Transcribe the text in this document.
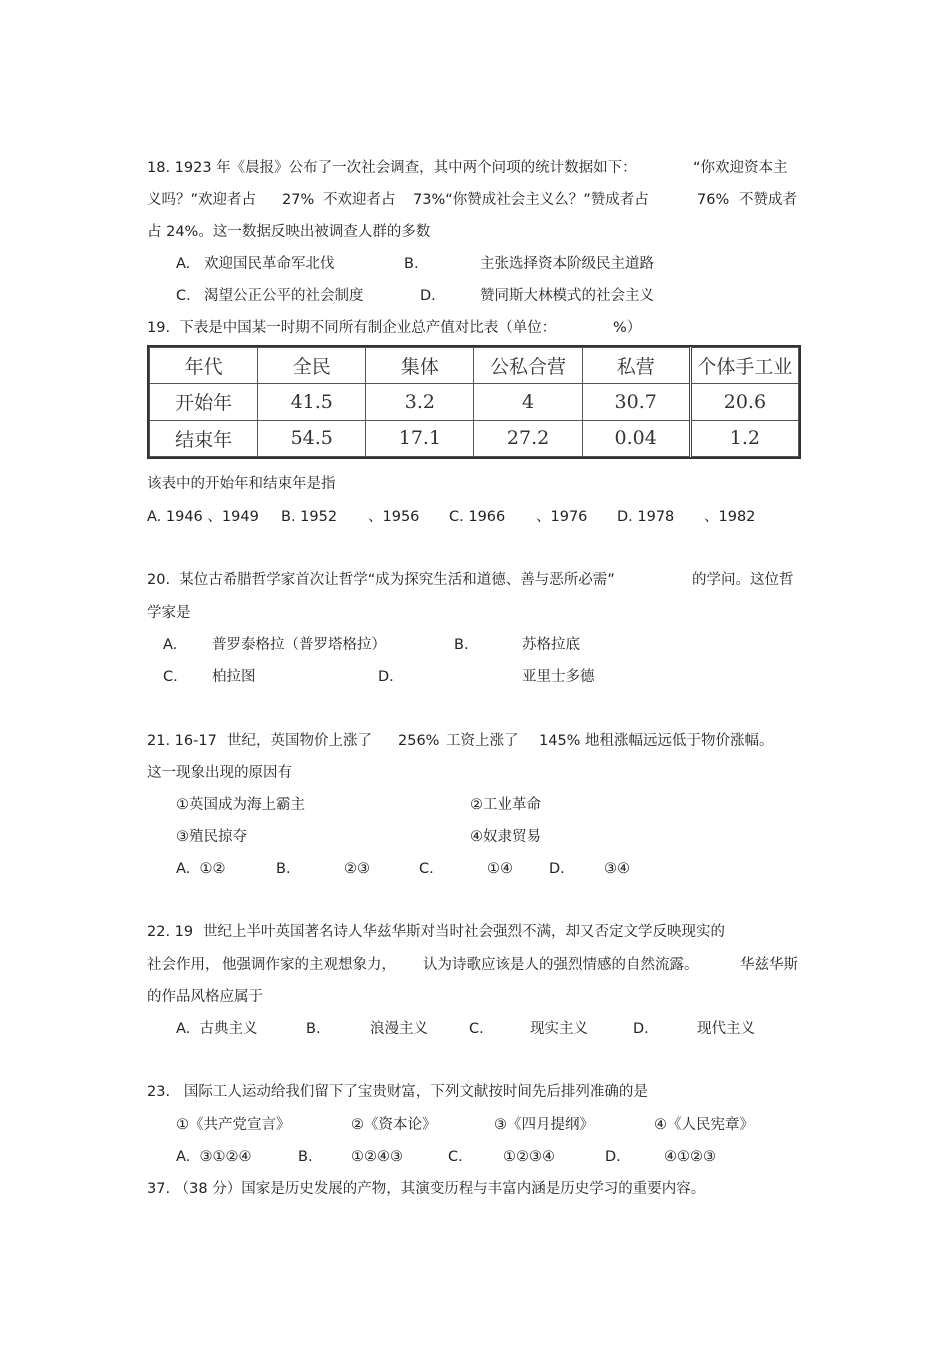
18. 1923 年《晨报》公布了一次社会调查，其中两个问项的统计数据如下：	“你欢迎资本主
义吗？”欢迎者占 27% 不欢迎者占 73%“你赞成社会主义么？”赞成者占	76% 不赞成者
占 24%。这一数据反映出被调查人群的多数
A. 欢迎国民革命军北伐	B.	主张选择资本阶级民主道路
C. 渴望公正公平的社会制度	D.	赞同斯大林模式的社会主义
19.  下表是中国某一时期不同所有制企业总产值对比表（单位：	%）
年代	全民	集体	公私合营	私营	个体手工业
开始年	41.5	3.2	4	30.7	20.6
结束年	54.5	17.1	27.2	0.04	1.2
该表中的开始年和结束年是指
A. 1946 、1949 B. 1952 、1956 C. 1966 、1976 D. 1978 、1982
20.  某位古希腊哲学家首次让哲学“成为探究生活和道德、善与恶所必需”	的学问。这位哲
学家是
A. 普罗泰格拉（普罗塔格拉）	B.	苏格拉底
C. 柏拉图	D.	亚里士多德
21. 16-17 世纪，英国物价上涨了 256% 工资上涨了 145% 地租涨幅远远低于物价涨幅。
这一现象出现的原因有
①英国成为海上霸主	②工业革命
③殖民掠夺	④奴隶贸易
A.  ①②	B.	②③	C.	①④ D.	③④
22. 19 世纪上半叶英国著名诗人华兹华斯对当时社会强烈不满，却又否定文学反映现实的
社会作用， 他强调作家的主观想象力， 认为诗歌应该是人的强烈情感的自然流露。	华兹华斯
的作品风格应属于
A.  古典主义	B.	浪漫主义	C.	现实主义	D.	现代主义
23.   国际工人运动给我们留下了宝贵财富，下列文献按时间先后排列准确的是
①《共产党宣言》	②《资本论》	③《四月提纲》	④《人民宪章》
A.  ③①②④	B.	①②④③	C.	①②③④	D.	④①②③
37. （38 分）国家是历史发展的产物，其演变历程与丰富内涵是历史学习的重要内容。
